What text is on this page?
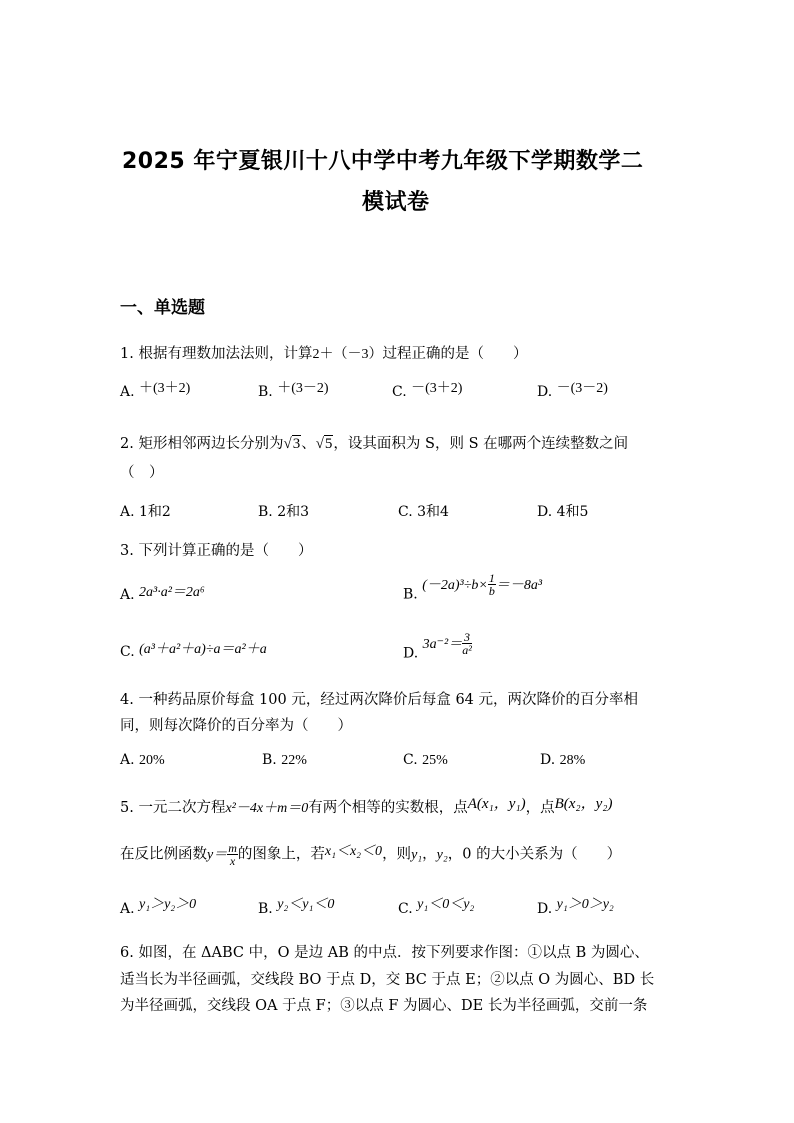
2025 年宁夏银川十八中学中考九年级下学期数学二
模试卷
一、单选题
1. 根据有理数加法法则，计算2＋（－3）过程正确的是（　　）
A. ＋(3＋2)	B. ＋(3－2)	C. －(3＋2)	D. －(3－2)
2. 矩形相邻两边长分别为√3、√5，设其面积为 S，则 S 在哪两个连续整数之间
（　）
A. 1和2	B. 2和3	C. 3和4	D. 4和5
3. 下列计算正确的是（　　）
A. 2a³·a²＝2a⁶	B. $(-2a)^3\div b\times \frac{1}{b} =-8a^3$
C. (a³＋a²＋a)÷a＝a²＋a	D. $3a^{-2}= \frac{3}{\text{a²}}$
4. 一种药品原价每盒 100 元，经过两次降价后每盒 64 元，两次降价的百分率相
同，则每次降价的百分率为（　　）
A. 20%	B. 22%	C. 25%	D. 28%
5. 一元二次方程x²－4x＋m＝0有两个相等的实数根，点A(x₁，y₁)，点B(x₂，y₂)
在反比例函数$y= \frac{m}{x}$ 的图象上，若x₁＜x₂＜0，则y₁，y₂，0 的大小关系为（　　）
A. y₁＞y₂＞0	B. y₂＜y₁＜0	C. y₁＜0＜y₂	D. y₁＞0＞y₂
6. 如图，在 ΔABC 中，O 是边 AB 的中点．按下列要求作图：①以点 B 为圆心、
适当长为半径画弧，交线段 BO 于点 D，交 BC 于点 E；②以点 O 为圆心、BD 长
为半径画弧，交线段 OA 于点 F；③以点 F 为圆心、DE 长为半径画弧，交前一条
